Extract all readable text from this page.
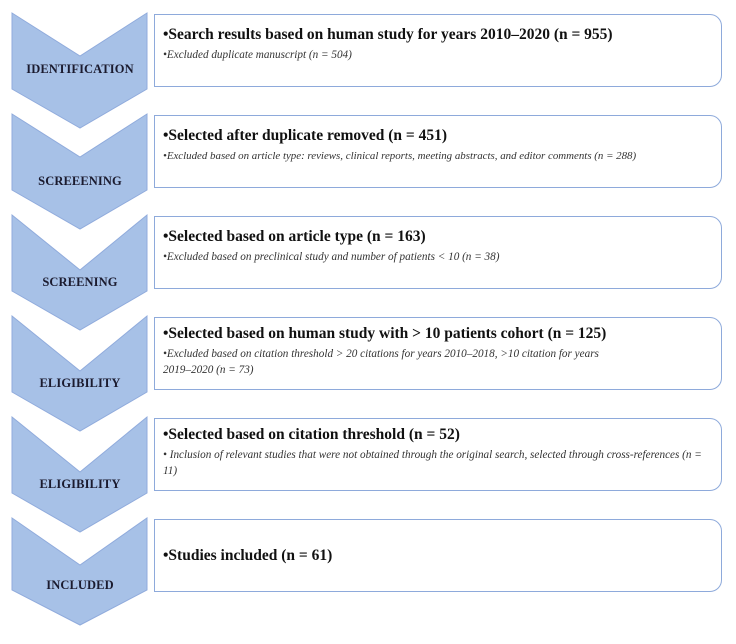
IDENTIFICATION
SCREEENING
SCREENING
ELIGIBILITY
ELIGIBILITY
INCLUDED
•Search results based on human study for years 2010–2020 (n = 955)
•Excluded duplicate manuscript (n = 504)
•Selected after duplicate removed (n = 451)
•Excluded based on article type: reviews, clinical reports, meeting abstracts, and editor comments (n = 288)
•Selected based on article type (n = 163)
•Excluded based on preclinical study and number of patients < 10 (n = 38)
•Selected based on human study with > 10 patients cohort (n = 125)
•Excluded based on citation threshold > 20 citations for years 2010–2018, >10 citation for years 2019–2020 (n = 73)
•Selected based on citation threshold (n = 52)
• Inclusion of relevant studies that were not obtained through the original search, selected through cross-references (n = 11)
•Studies included (n = 61)
